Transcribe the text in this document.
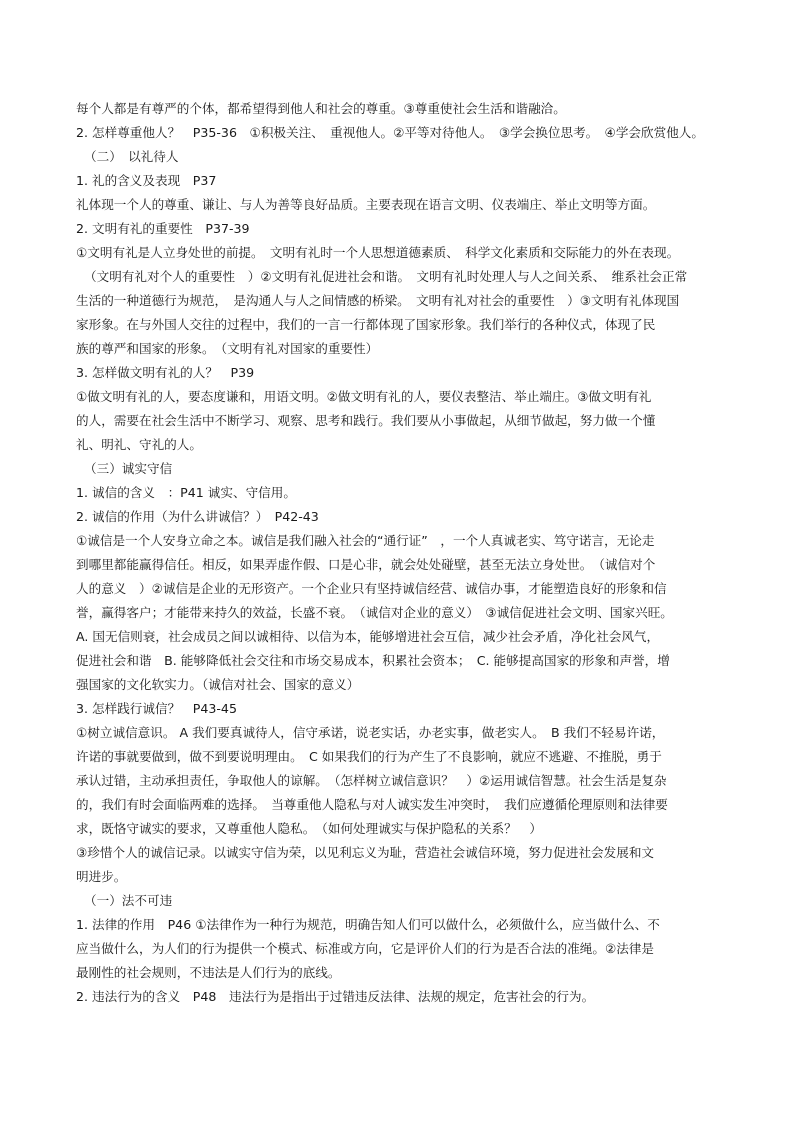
每个人都是有尊严的个体，都希望得到他人和社会的尊重。③尊重使社会生活和谐融洽。
2. 怎样尊重他人？　P35-36　①积极关注、　重视他人。②平等对待他人。　③学会换位思考。　④学会欣赏他人。
（二）　以礼待人
1. 礼的含义及表现　P37
礼体现一个人的尊重、谦让、与人为善等良好品质。主要表现在语言文明、仪表端庄、举止文明等方面。
2. 文明有礼的重要性　P37-39
①文明有礼是人立身处世的前提。　文明有礼时一个人思想道德素质、　科学文化素质和交际能力的外在表现。
（文明有礼对个人的重要性　）②文明有礼促进社会和谐。　文明有礼时处理人与人之间关系、　维系社会正常
生活的一种道德行为规范，　是沟通人与人之间情感的桥梁。　文明有礼对社会的重要性　）③文明有礼体现国
家形象。在与外国人交往的过程中，我们的一言一行都体现了国家形象。我们举行的各种仪式，体现了民
族的尊严和国家的形象。　（文明有礼对国家的重要性）
3. 怎样做文明有礼的人？　P39
①做文明有礼的人，要态度谦和，用语文明。②做文明有礼的人，要仪表整洁、举止端庄。③做文明有礼
的人，需要在社会生活中不断学习、观察、思考和践行。我们要从小事做起，从细节做起，努力做一个懂
礼、明礼、守礼的人。
（三）诚实守信
1. 诚信的含义　：P41 诚实、守信用。
2. 诚信的作用（为什么讲诚信？）　P42-43
①诚信是一个人安身立命之本。诚信是我们融入社会的“通行证”　，一个人真诚老实、笃守诺言，无论走
到哪里都能赢得信任。相反，如果弄虚作假、口是心非，就会处处碰壁，甚至无法立身处世。　（诚信对个
人的意义　）②诚信是企业的无形资产。一个企业只有坚持诚信经营、诚信办事，才能塑造良好的形象和信
誉，赢得客户；才能带来持久的效益，长盛不衰。　（诚信对企业的意义）　③诚信促进社会文明、国家兴旺。
A. 国无信则衰，社会成员之间以诚相待、以信为本，能够增进社会互信，减少社会矛盾，净化社会风气，
促进社会和谐　B. 能够降低社会交往和市场交易成本，积累社会资本；　C. 能够提高国家的形象和声誉，增
强国家的文化软实力。（诚信对社会、国家的意义）
3. 怎样践行诚信？　P43-45
①树立诚信意识。 A 我们要真诚待人，信守承诺，说老实话，办老实事，做老实人。　B 我们不轻易许诺，
许诺的事就要做到，做不到要说明理由。　C 如果我们的行为产生了不良影响，就应不逃避、不推脱，勇于
承认过错，主动承担责任，争取他人的谅解。　（怎样树立诚信意识？　）②运用诚信智慧。社会生活是复杂
的，我们有时会面临两难的选择。　当尊重他人隐私与对人诚实发生冲突时，　我们应遵循伦理原则和法律要
求，既恪守诚实的要求，又尊重他人隐私。　（如何处理诚实与保护隐私的关系？　）
③珍惜个人的诚信记录。以诚实守信为荣，以见利忘义为耻，营造社会诚信环境，努力促进社会发展和文
明进步。
（一）法不可违
1. 法律的作用　P46 ①法律作为一种行为规范，明确告知人们可以做什么，必须做什么，应当做什么、不
应当做什么，为人们的行为提供一个模式、标准或方向，它是评价人们的行为是否合法的准绳。②法律是
最刚性的社会规则，不违法是人们行为的底线。
2. 违法行为的含义　P48　违法行为是指出于过错违反法律、法规的规定，危害社会的行为。
